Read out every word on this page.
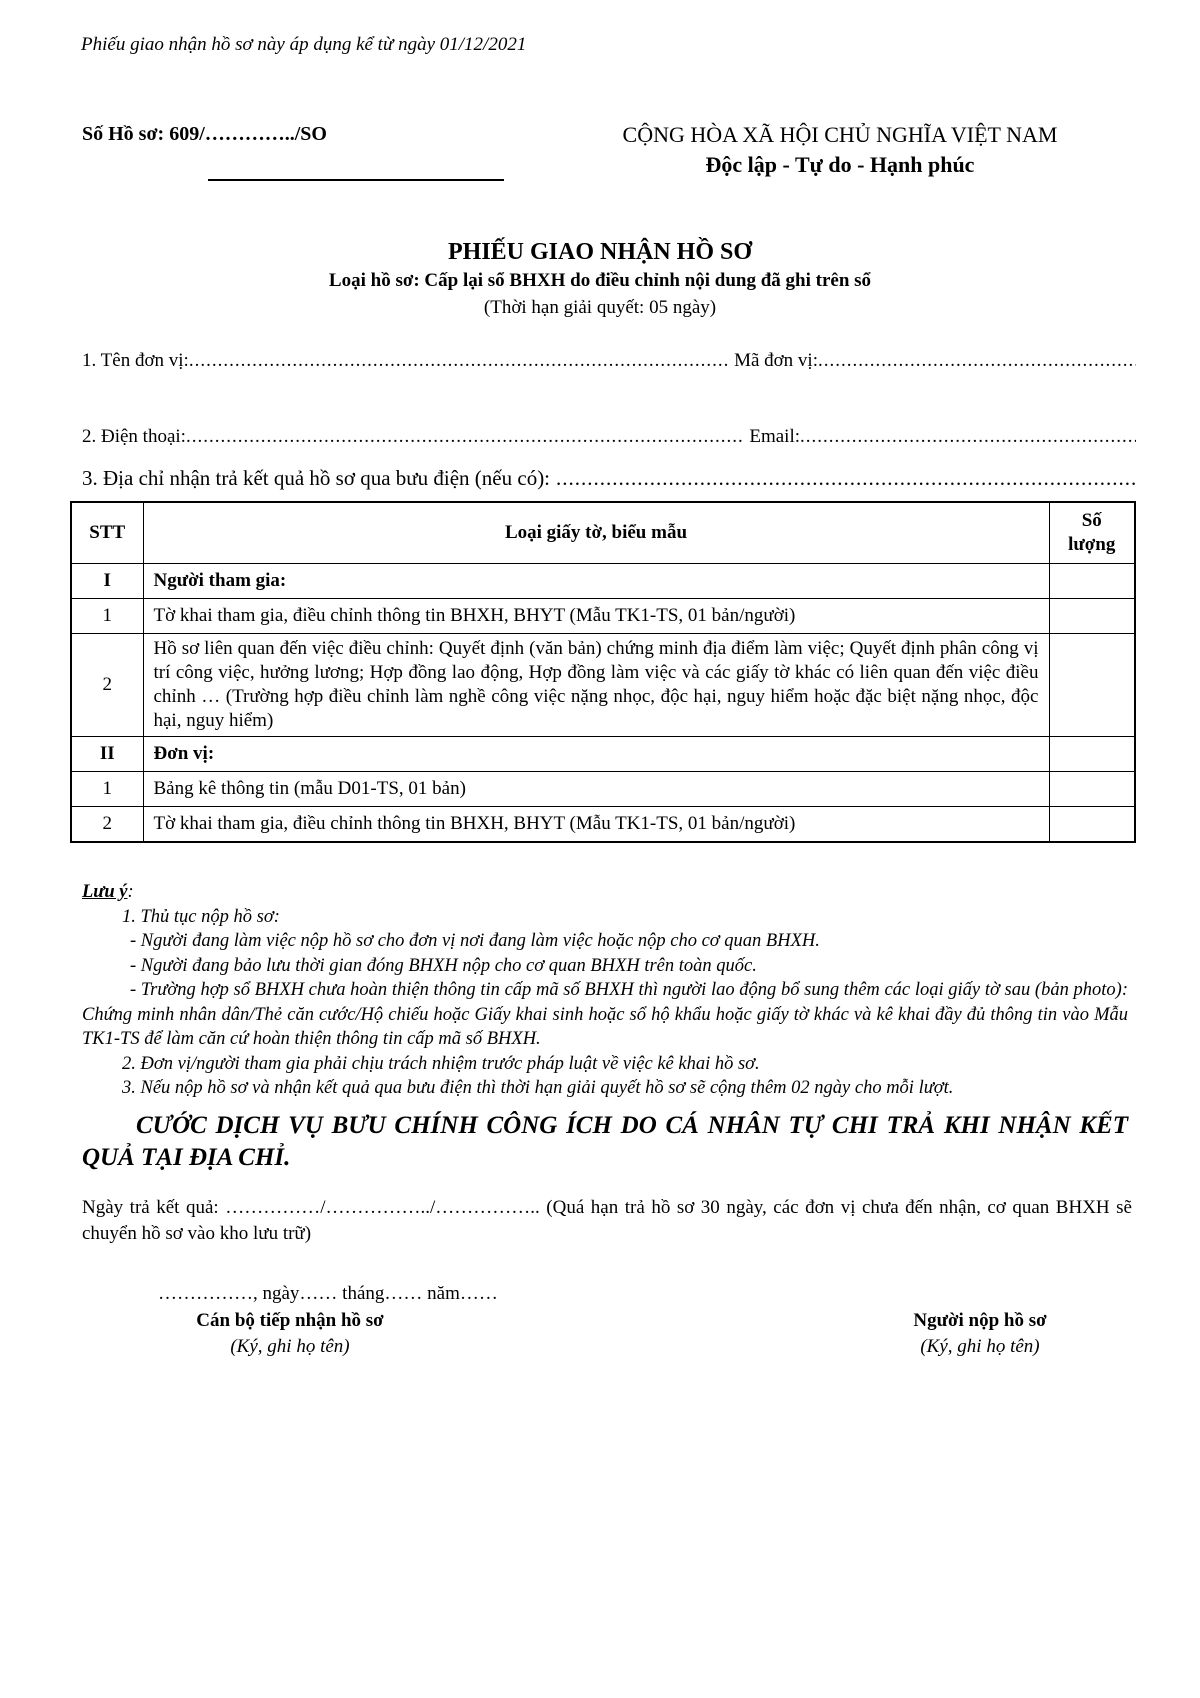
Phiếu giao nhận hồ sơ này áp dụng kể từ ngày 01/12/2021
Số Hồ sơ: 609/…………../SO	CỘNG HÒA XÃ HỘI CHỦ NGHĨA VIỆT NAM
Độc lập - Tự do - Hạnh phúc
PHIẾU GIAO NHẬN HỒ SƠ
Loại hồ sơ: Cấp lại sổ BHXH do điều chỉnh nội dung đã ghi trên sổ
(Thời hạn giải quyết: 05 ngày)
1. Tên đơn vị: .....	Mã đơn vị:
.....
2. Điện thoại: .....	Email:
.....
3. Địa chỉ nhận trả kết quả hồ sơ qua bưu điện (nếu có):
.....
STT	Loại giấy tờ, biểu mẫu	Số
lượng

I	Người tham gia:	
1	Tờ khai tham gia, điều chỉnh thông tin BHXH, BHYT (Mẫu TK1-TS, 01 bản/người)	
2	Hồ sơ liên quan đến việc điều chỉnh: Quyết định (văn bản) chứng minh địa điểm làm việc; Quyết định phân công vị trí công việc, hưởng lương; Hợp đồng lao động, Hợp đồng làm việc và các giấy tờ khác có liên quan đến việc điều chỉnh … (Trường hợp điều chỉnh làm nghề công việc nặng nhọc, độc hại, nguy hiểm hoặc đặc biệt nặng nhọc, độc hại, nguy hiểm)	
II	Đơn vị:	
1	Bảng kê thông tin (mẫu D01-TS, 01 bản)	
2	Tờ khai tham gia, điều chỉnh thông tin BHXH, BHYT (Mẫu TK1-TS, 01 bản/người)	
Lưu ý:
1. Thủ tục nộp hồ sơ:
- Người đang làm việc nộp hồ sơ cho đơn vị nơi đang làm việc hoặc nộp cho cơ quan BHXH.
- Người đang bảo lưu thời gian đóng BHXH nộp cho cơ quan BHXH trên toàn quốc.
- Trường hợp sổ BHXH chưa hoàn thiện thông tin cấp mã số BHXH thì người lao động bổ sung thêm các loại giấy tờ sau (bản photo): Chứng minh nhân dân/Thẻ căn cước/Hộ chiếu hoặc Giấy khai sinh hoặc sổ hộ khẩu hoặc giấy tờ khác và kê khai đầy đủ thông tin vào Mẫu TK1-TS để làm căn cứ hoàn thiện thông tin cấp mã số BHXH.
2. Đơn vị/người tham gia phải chịu trách nhiệm trước pháp luật về việc kê khai hồ sơ.
3. Nếu nộp hồ sơ và nhận kết quả qua bưu điện thì thời hạn giải quyết hồ sơ sẽ cộng thêm 02 ngày cho mỗi lượt.
CƯỚC DỊCH VỤ BƯU CHÍNH CÔNG ÍCH DO CÁ NHÂN TỰ CHI TRẢ KHI NHẬN KẾT QUẢ TẠI ĐỊA CHỈ.
Ngày trả kết quả: ……………/……………../…………….. (Quá hạn trả hồ sơ 30 ngày, các đơn vị chưa đến nhận, cơ quan BHXH sẽ chuyển hồ sơ vào kho lưu trữ)
……………, ngày…… tháng…… năm……
Cán bộ tiếp nhận hồ sơ
(Ký, ghi họ tên)
Người nộp hồ sơ
(Ký, ghi họ tên)
